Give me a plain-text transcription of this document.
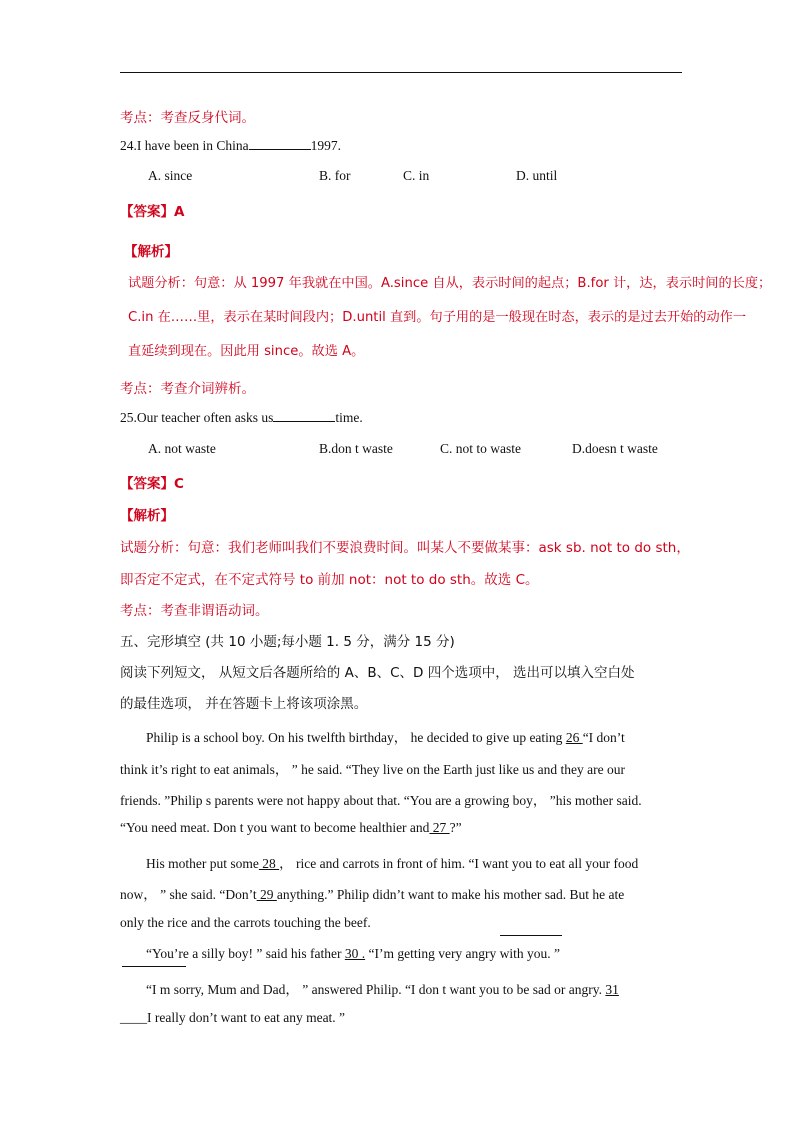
考点：考查反身代词。
24.I have been in China	1997.
A. since	B. for	C. in	D. until
【答案】A
【解析】
试题分析：句意：从 1997 年我就在中国。A.since 自从，表示时间的起点；B.for 计，达，表示时间的长度；
C.in 在……里，表示在某时间段内；D.until 直到。句子用的是一般现在时态，表示的是过去开始的动作一
直延续到现在。因此用 since。故选 A。
考点：考查介词辨析。
25.Our teacher often asks us	time.
A. not waste	B.don t waste	C. not to waste	D.doesn t waste
【答案】C
【解析】
试题分析：句意：我们老师叫我们不要浪费时间。叫某人不要做某事：ask sb. not to do sth，
即否定不定式，在不定式符号 to 前加 not：not to do sth。故选 C。
考点：考查非谓语动词。
五、完形填空 (共 10 小题;每小题 1. 5 分，满分 15 分)
阅读下列短文， 从短文后各题所给的 A、B、C、D 四个选项中， 选出可以填入空白处
的最佳选项， 并在答题卡上将该项涂黑。
Philip is a school boy. On his twelfth birthday， he decided to give up eating 26 “I don’t
think it’s right to eat animals， ” he said. “They live on the Earth just like us and they are our
friends. ”Philip s parents were not happy about that. “You are a growing boy， ”his mother said.
“You need meat. Don t you want to become healthier and 27 ?”
His mother put some 28 ， rice and carrots in front of him. “I want you to eat all your food
now， ” she said. “Don’t 29 anything.” Philip didn’t want to make his mother sad. But he ate
only the rice and the carrots touching the beef.
“You’re a silly boy! ” said his father 30 . “I’m getting very angry with you. ”
“I m sorry, Mum and Dad， ” answered Philip. “I don t want you to be sad or angry. 31
____I really don’t want to eat any meat. ”
